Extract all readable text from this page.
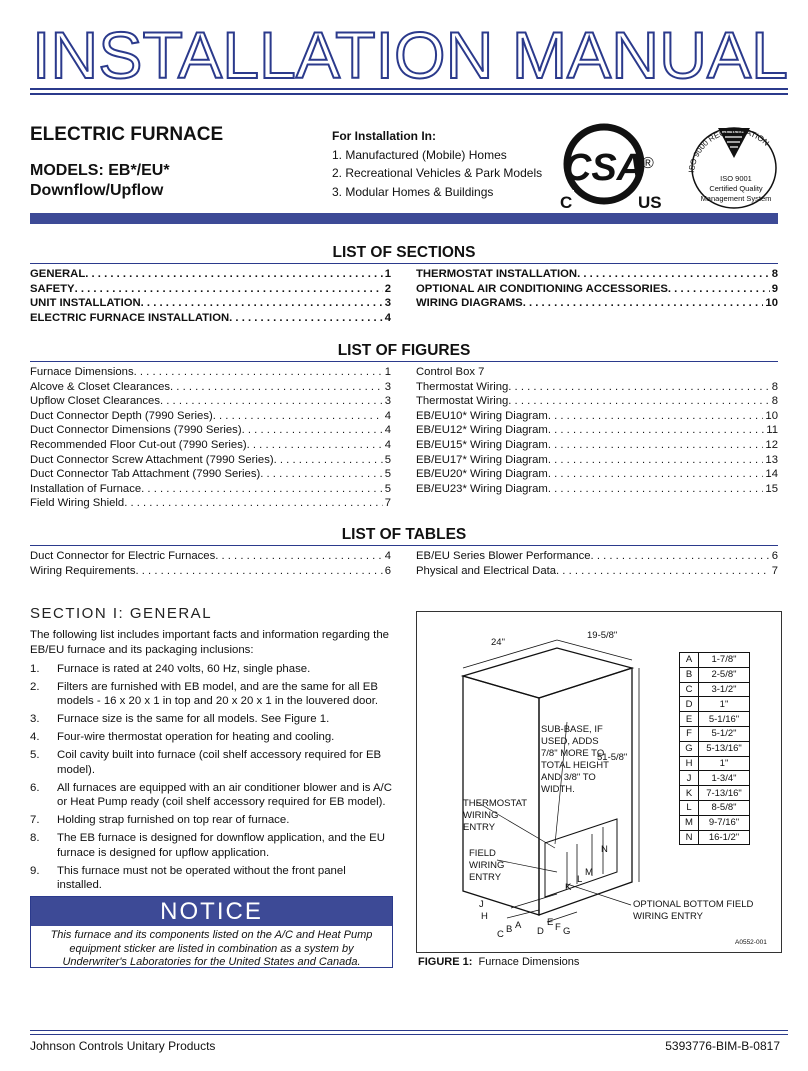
INSTALLATION MANUAL
ELECTRIC FURNACE
MODELS: EB*/EU*
Downflow/Upflow
For Installation In:
1. Manufactured (Mobile) Homes
2. Recreational Vehicles & Park Models
3. Modular Homes & Buildings
CSA
C	US
®	ISO 9000 REGISGRATION
ISO 9001
Certified Quality
Management System
LIST OF SECTIONS
GENERAL . . .	1
SAFETY . . .	2
UNIT INSTALLATION . . .	3
ELECTRIC FURNACE INSTALLATION . . .	4
THERMOSTAT INSTALLATION . . .	8
OPTIONAL AIR CONDITIONING ACCESSORIES . . .	9
WIRING DIAGRAMS . . .	10
LIST OF FIGURES
Furnace Dimensions . . .	1
Alcove & Closet Clearances . . .	3
Upflow Closet Clearances . . .	3
Duct Connector Depth (7990 Series) . . .	4
Duct Connector Dimensions (7990 Series) . . .	4
Recommended Floor Cut-out (7990 Series) . . .	4
Duct Connector Screw Attachment (7990 Series) . . .	5
Duct Connector Tab Attachment (7990 Series) . . .	5
Installation of Furnace . . .	5
Field Wiring Shield . . .	7
Control Box 7
Thermostat Wiring . . .	8
Thermostat Wiring . . .	8
EB/EU10* Wiring Diagram . . .	10
EB/EU12* Wiring Diagram . . .	11
EB/EU15* Wiring Diagram . . .	12
EB/EU17* Wiring Diagram . . .	13
EB/EU20* Wiring Diagram . . .	14
EB/EU23* Wiring Diagram . . .	15
LIST OF TABLES
Duct Connector for Electric Furnaces . . .	4
Wiring Requirements . . .	6
EB/EU Series Blower Performance . . .	6
Physical and Electrical Data . . .	7
SECTION I: GENERAL
The following list includes important facts and information regarding the EB/EU furnace and its packaging inclusions:
1.	Furnace is rated at 240 volts, 60 Hz, single phase.
2.	Filters are furnished with EB model, and are the same for all EB models - 16 x 20 x 1 in top and 20 x 20 x 1 in the louvered door.
3.	Furnace size is the same for all models. See Figure 1.
4.	Four-wire thermostat operation for heating and cooling.
5.	Coil cavity built into furnace (coil shelf accessory required for EB model).
6.	All furnaces are equipped with an air conditioner blower and is A/C or Heat Pump ready (coil shelf accessory required for EB model).
7.	Holding strap furnished on top rear of furnace.
8.	The EB furnace is designed for downflow application, and the EU furnace is designed for upflow application.
9.	This furnace must not be operated without the front panel installed.
NOTICE
This furnace and its components listed on the A/C and Heat Pump equipment sticker are listed in combination as a system by Underwriter's Laboratories for the United States and Canada.
24"
19-5/8"
51-5/8"
SUB-BASE, IF USED, ADDS 7/8" MORE TO TOTAL HEIGHT AND 3/8" TO WIDTH.
THERMOSTAT WIRING ENTRY
FIELD WIRING ENTRY
OPTIONAL BOTTOM FIELD WIRING ENTRY
A0552-001
J
H
C B A
D
E F G
K
L
M
N
A	1-7/8"
B	2-5/8"
C	3-1/2"
D	1"
E	5-1/16"
F	5-1/2"
G	5-13/16"
H	1"
J	1-3/4"
K	7-13/16"
L	8-5/8"
M	9-7/16"
N	16-1/2"
FIGURE 1: Furnace Dimensions
Johnson Controls Unitary Products	5393776-BIM-B-0817
